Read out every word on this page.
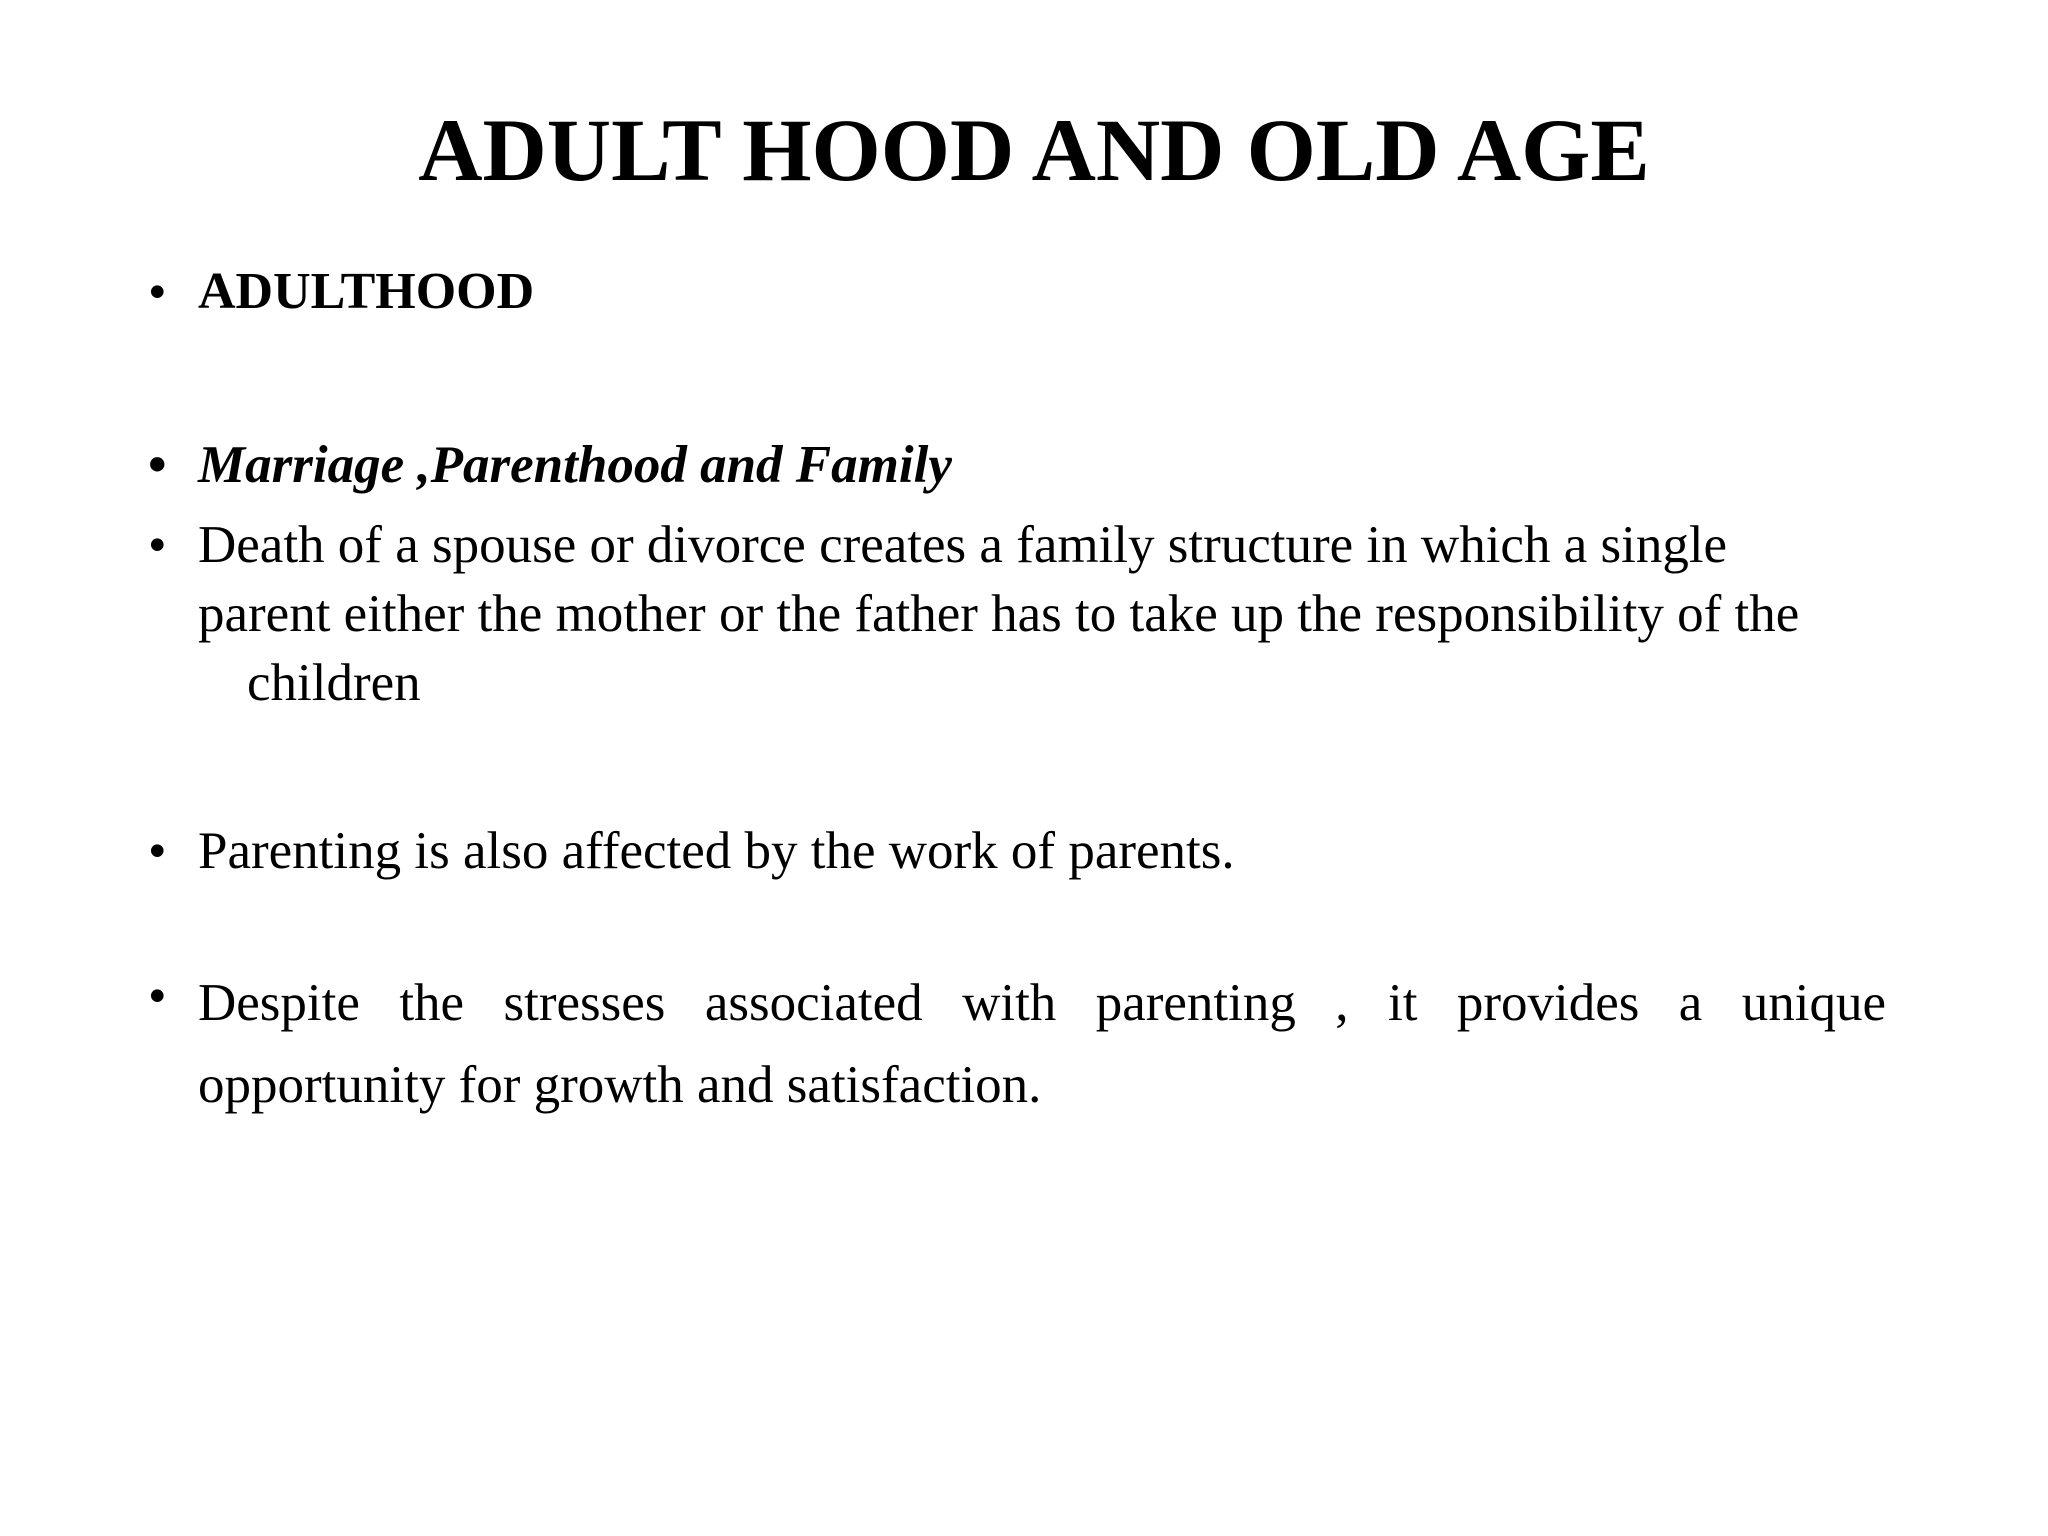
ADULT HOOD AND OLD AGE
• ADULTHOOD
• Marriage ,Parenthood and Family
• Death of a spouse or divorce creates a family structure in which a single
parent either the mother or the father has to take up the responsibility of the
children
• Parenting is also affected by the work of parents.
• Despite the stresses associated with parenting , it provides a unique
opportunity for growth and satisfaction.
